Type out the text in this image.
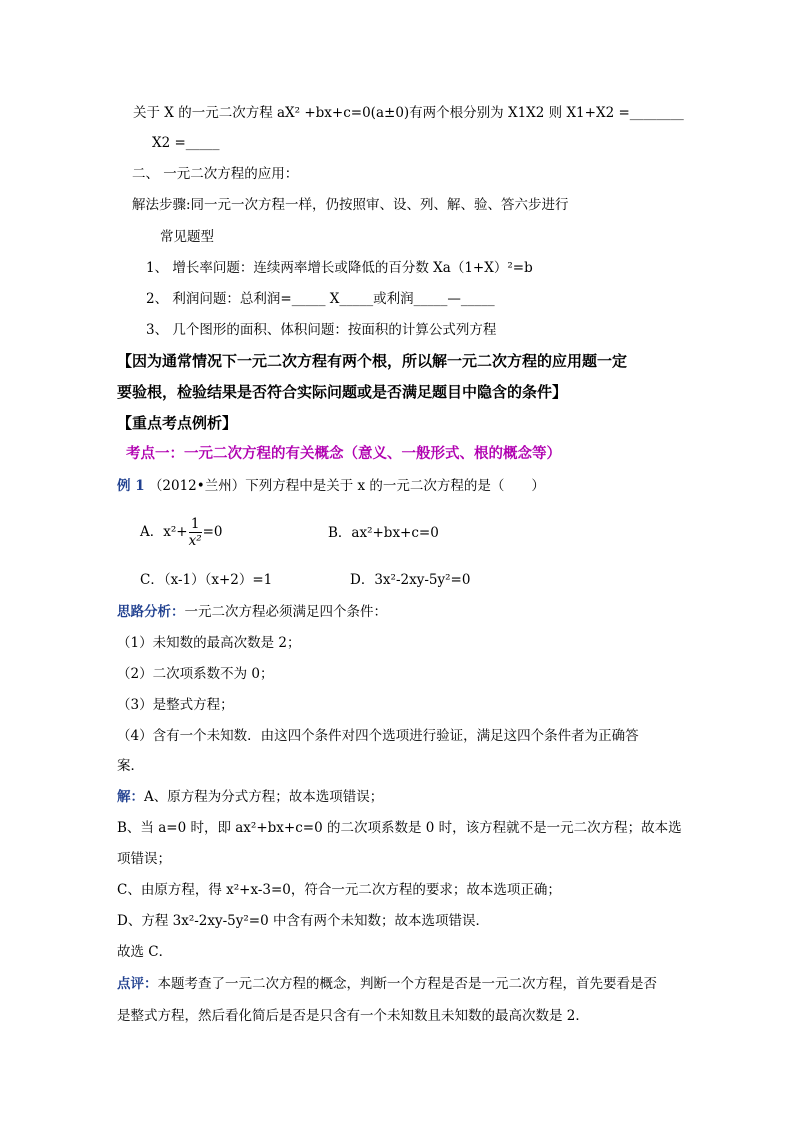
关于 X 的一元二次方程 aX² +bx+c=0(a±0)有两个根分别为 X1X2 则 X1+X2 =________
X2 =_____
二、 一元二次方程的应用：
解法步骤:同一元一次方程一样，仍按照审、设、列、解、验、答六步进行
常见题型
1、 增长率问题：连续两率增长或降低的百分数 Xa（1+X）²=b
2、 利润问题：总利润=_____ X_____或利润_____—_____
3、 几个图形的面积、体积问题：按面积的计算公式列方程
【因为通常情况下一元二次方程有两个根，所以解一元二次方程的应用题一定
要验根，检验结果是否符合实际问题或是否满足题目中隐含的条件】
【重点考点例析】
考点一：一元二次方程的有关概念（意义、一般形式、根的概念等）
例 1 （2012•兰州）下列方程中是关于 x 的一元二次方程的是（　　）
A．$x^2+ \frac{1}{\text{x²}} =0$	B．ax²+bx+c=0
C．（x-1）（x+2）=1	D．3x²-2xy-5y²=0
思路分析：一元二次方程必须满足四个条件：
（1）未知数的最高次数是 2；
（2）二次项系数不为 0；
（3）是整式方程；
（4）含有一个未知数．由这四个条件对四个选项进行验证，满足这四个条件者为正确答
案．
解：A、原方程为分式方程；故本选项错误；
B、当 a=0 时，即 ax²+bx+c=0 的二次项系数是 0 时，该方程就不是一元二次方程；故本选
项错误；
C、由原方程，得 x²+x-3=0，符合一元二次方程的要求；故本选项正确；
D、方程 3x²-2xy-5y²=0 中含有两个未知数；故本选项错误．
故选 C．
点评：本题考查了一元二次方程的概念，判断一个方程是否是一元二次方程，首先要看是否
是整式方程，然后看化简后是否是只含有一个未知数且未知数的最高次数是 2．
